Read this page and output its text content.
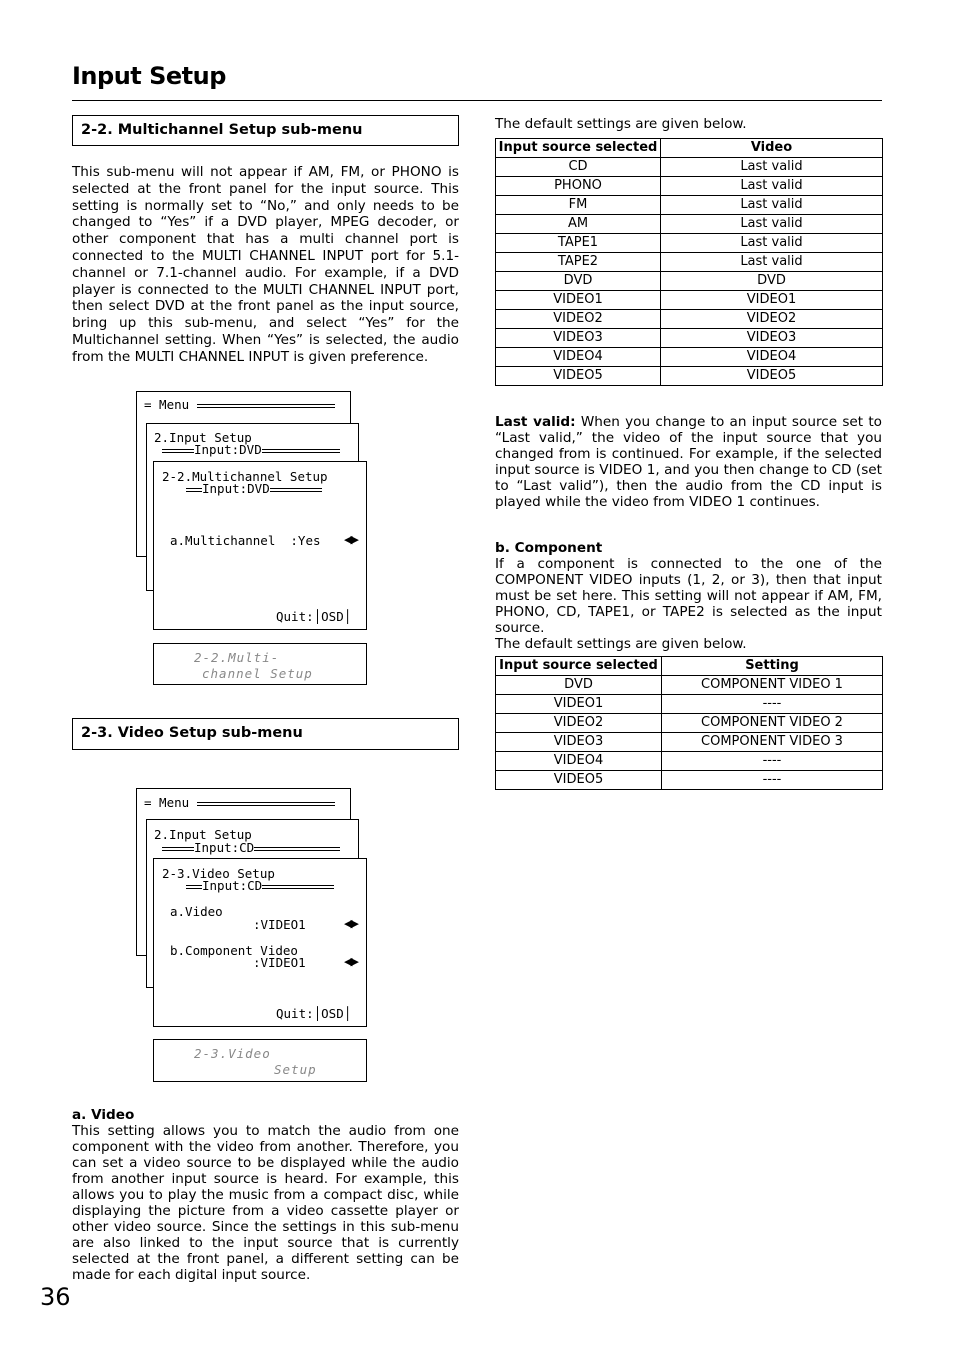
Input Setup
2-2. Multichannel Setup sub-menu
This sub-menu will not appear if AM, FM, or PHONO is selected at the front panel for the input source. This setting is normally set to “No,” and only needs to be changed to “Yes” if a DVD player, MPEG decoder, or other component that has a multi channel port is connected to the MULTI CHANNEL INPUT port for 5.1-channel or 7.1-channel audio. For example, if a DVD player is connected to the MULTI CHANNEL INPUT port, then select DVD at the front panel as the input source, bring up this sub-menu, and select “Yes” for the Multichannel setting. When “Yes” is selected, the audio from the MULTI CHANNEL INPUT is given preference.
= Menu
2.Input Setup
Input:DVD
2-2.Multichannel Setup
Input:DVD
a.Multichannel  :Yes ◀▶
Quit:│OSD│
2-2.Multi-
channel Setup
2-3. Video Setup sub-menu
= Menu
2.Input Setup
Input:CD
2-3.Video Setup
Input:CD
a.Video
:VIDEO1	◀▶
b.Component Video
:VIDEO1	◀▶
Quit:│OSD│
2-3.Video
Setup
a. Video
This setting allows you to match the audio from one component with the video from another. Therefore, you can set a video source to be displayed while the audio from another input source is heard. For example, this allows you to play the music from a compact disc, while displaying the picture from a video cassette player or other video source. Since the settings in this sub-menu are also linked to the input source that is currently selected at the front panel, a different setting can be made for each digital input source.
36
The default settings are given below.
Input source selected	Video
CD	Last valid
PHONO	Last valid
FM	Last valid
AM	Last valid
TAPE1	Last valid
TAPE2	Last valid
DVD	DVD
VIDEO1	VIDEO1
VIDEO2	VIDEO2
VIDEO3	VIDEO3
VIDEO4	VIDEO4
VIDEO5	VIDEO5
Last valid: When you change to an input source set to “Last valid,” the video of the input source that you changed from is continued. For example, if the selected input source is VIDEO 1, and you then change to CD (set to “Last valid”), then the audio from the CD input is played while the video from VIDEO 1 continues.
b. Component
If a component is connected to the one of the COMPONENT VIDEO inputs (1, 2, or 3), then that input must be set here. This setting will not appear if AM, FM, PHONO, CD, TAPE1, or TAPE2 is selected as the input source.
The default settings are given below.
Input source selected	Setting
DVD	COMPONENT VIDEO 1
VIDEO1	----
VIDEO2	COMPONENT VIDEO 2
VIDEO3	COMPONENT VIDEO 3
VIDEO4	----
VIDEO5	----
